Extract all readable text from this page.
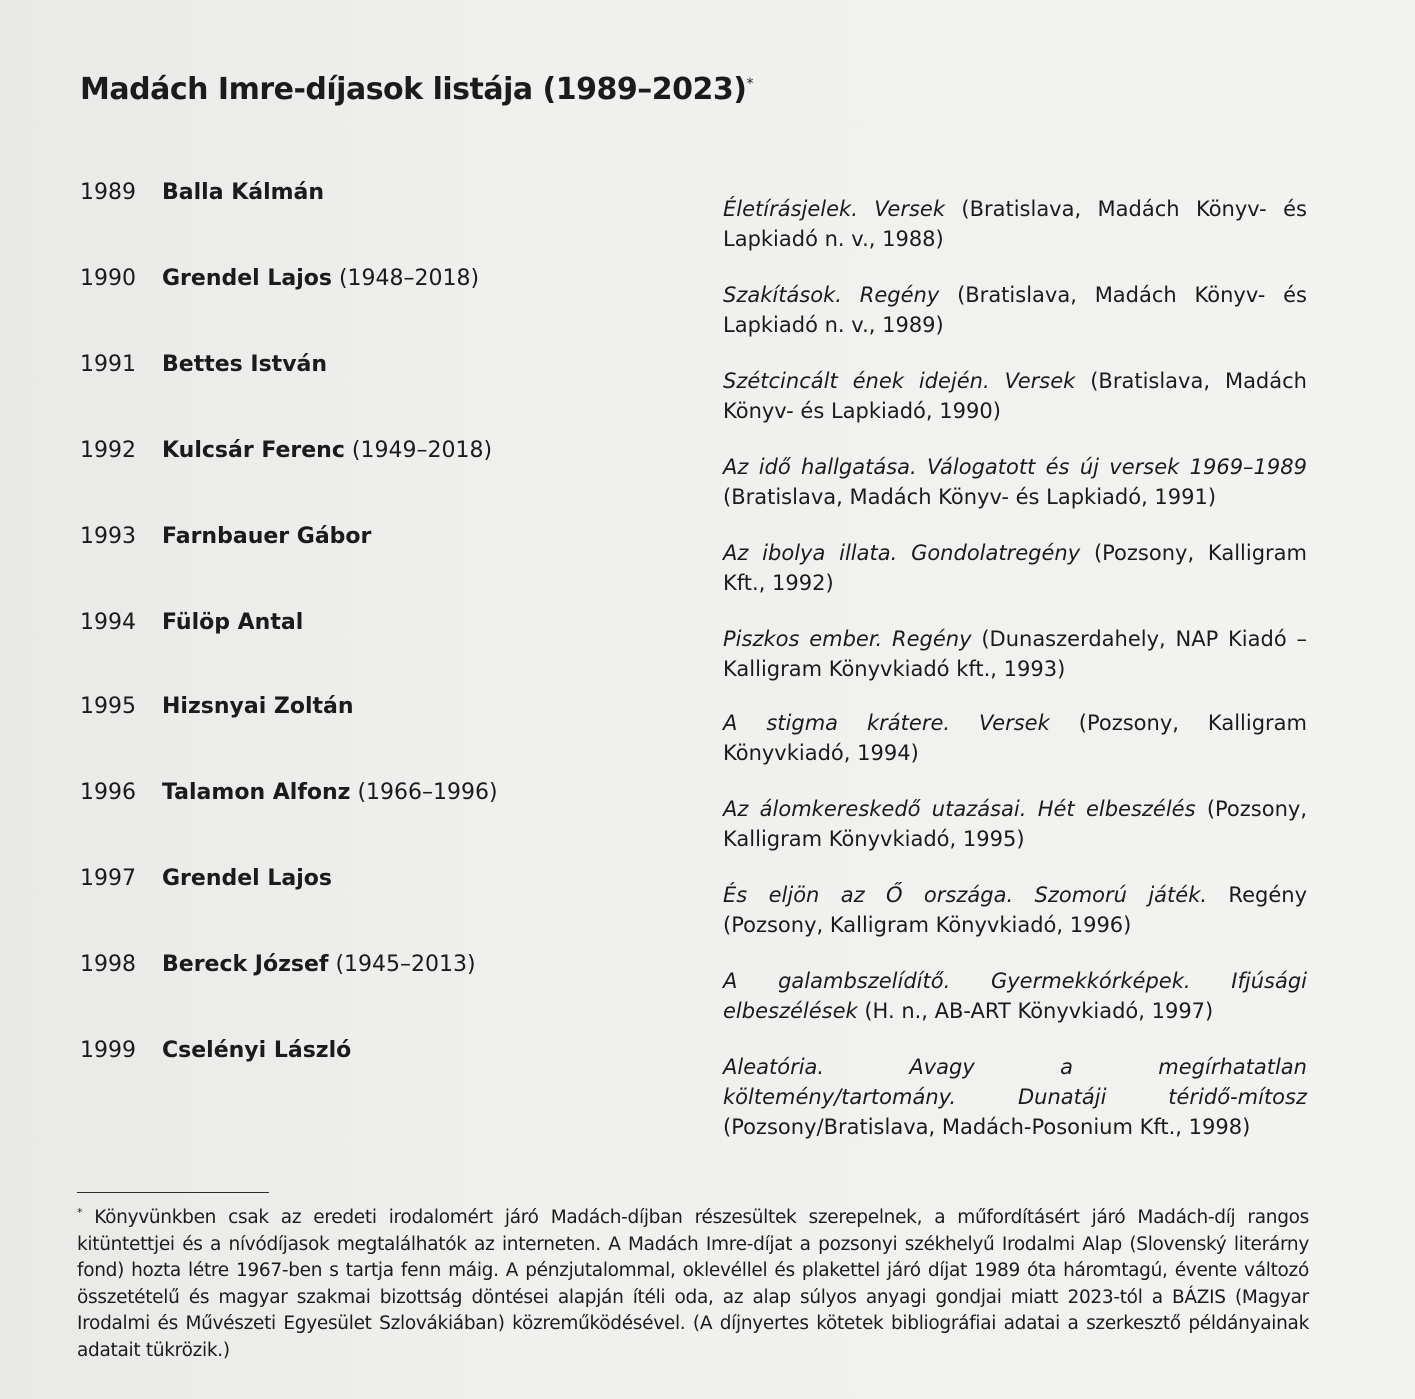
Madách Imre-díjasok listája (1989–2023)*
1989 Balla Kálmán
Életírásjelek. Versek (Bratislava, Madách Könyv- és Lapkiadó n. v., 1988)
1990 Grendel Lajos (1948–2018)
Szakítások. Regény (Bratislava, Madách Könyv- és Lapkiadó n. v., 1989)
1991 Bettes István
Szétcincált ének idején. Versek (Bratislava, Madách Könyv- és Lapkiadó, 1990)
1992 Kulcsár Ferenc (1949–2018)
Az idő hallgatása. Válogatott és új versek 1969–1989 (Bratislava, Madách Könyv- és Lapkiadó, 1991)
1993 Farnbauer Gábor
Az ibolya illata. Gondolatregény (Pozsony, Kalligram Kft., 1992)
1994 Fülöp Antal
Piszkos ember. Regény (Dunaszerdahely, NAP Kiadó – Kalligram Könyvkiadó kft., 1993)
1995 Hizsnyai Zoltán
A stigma krátere. Versek (Pozsony, Kalligram Könyvkiadó, 1994)
1996 Talamon Alfonz (1966–1996)
Az álomkereskedő utazásai. Hét elbeszélés (Pozsony, Kalligram Könyvkiadó, 1995)
1997 Grendel Lajos
És eljön az Ő országa. Szomorú játék. Regény (Pozsony, Kalligram Könyvkiadó, 1996)
1998 Bereck József (1945–2013)
A galambszelídítő. Gyermekkórképek. Ifjúsági elbeszélések (H. n., AB-ART Könyvkiadó, 1997)
1999 Cselényi László
Aleatória. Avagy a megírhatatlan költemény/tartomány. Dunatáji téridő-mítosz (Pozsony/Bratislava, Madách-Posonium Kft., 1998)
* Könyvünkben csak az eredeti irodalomért járó Madách-díjban részesültek szerepelnek, a műfordításért járó Madách-díj rangos kitüntettjei és a nívódíjasok megtalálhatók az interneten. A Madách Imre-díjat a pozsonyi székhelyű Irodalmi Alap (Slovenský literárny fond) hozta létre 1967-ben s tartja fenn máig. A pénzjutalommal, oklevéllel és plakettel járó díjat 1989 óta háromtagú, évente változó összetételű és magyar szakmai bizottság döntései alapján ítéli oda, az alap súlyos anyagi gondjai miatt 2023-tól a BÁZIS (Magyar Irodalmi és Művészeti Egyesület Szlovákiában) közreműködésével. (A díjnyertes kötetek bibliográfiai adatai a szerkesztő példányainak adatait tükrözik.)
